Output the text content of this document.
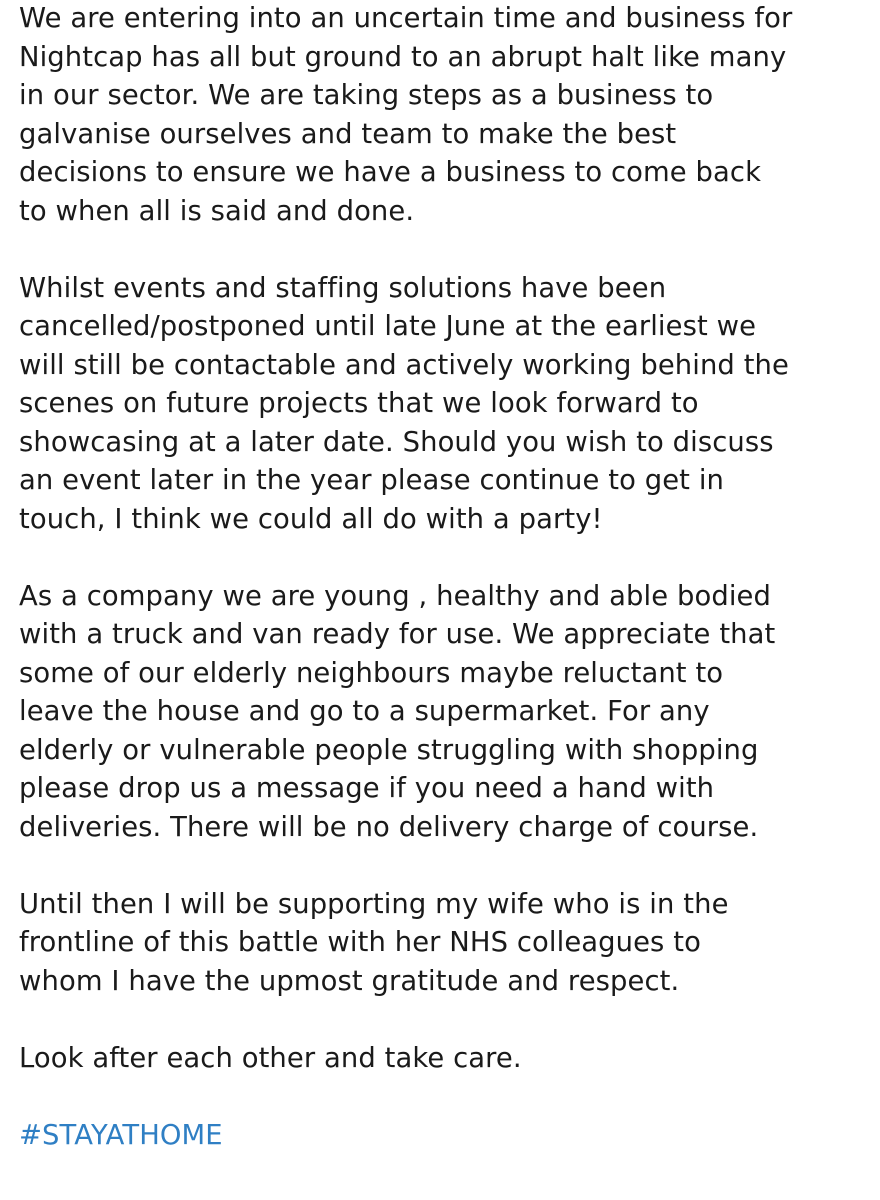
We are entering into an uncertain time and business for
Nightcap has all but ground to an abrupt halt like many
in our sector. We are taking steps as a business to
galvanise ourselves and team to make the best
decisions to ensure we have a business to come back
to when all is said and done.
Whilst events and staffing solutions have been
cancelled/postponed until late June at the earliest we
will still be contactable and actively working behind the
scenes on future projects that we look forward to
showcasing at a later date. Should you wish to discuss
an event later in the year please continue to get in
touch, I think we could all do with a party!
As a company we are young , healthy and able bodied
with a truck and van ready for use. We appreciate that
some of our elderly neighbours maybe reluctant to
leave the house and go to a supermarket. For any
elderly or vulnerable people struggling with shopping
please drop us a message if you need a hand with
deliveries. There will be no delivery charge of course.
Until then I will be supporting my wife who is in the
frontline of this battle with her NHS colleagues to
whom I have the upmost gratitude and respect.
Look after each other and take care.
#STAYATHOME
